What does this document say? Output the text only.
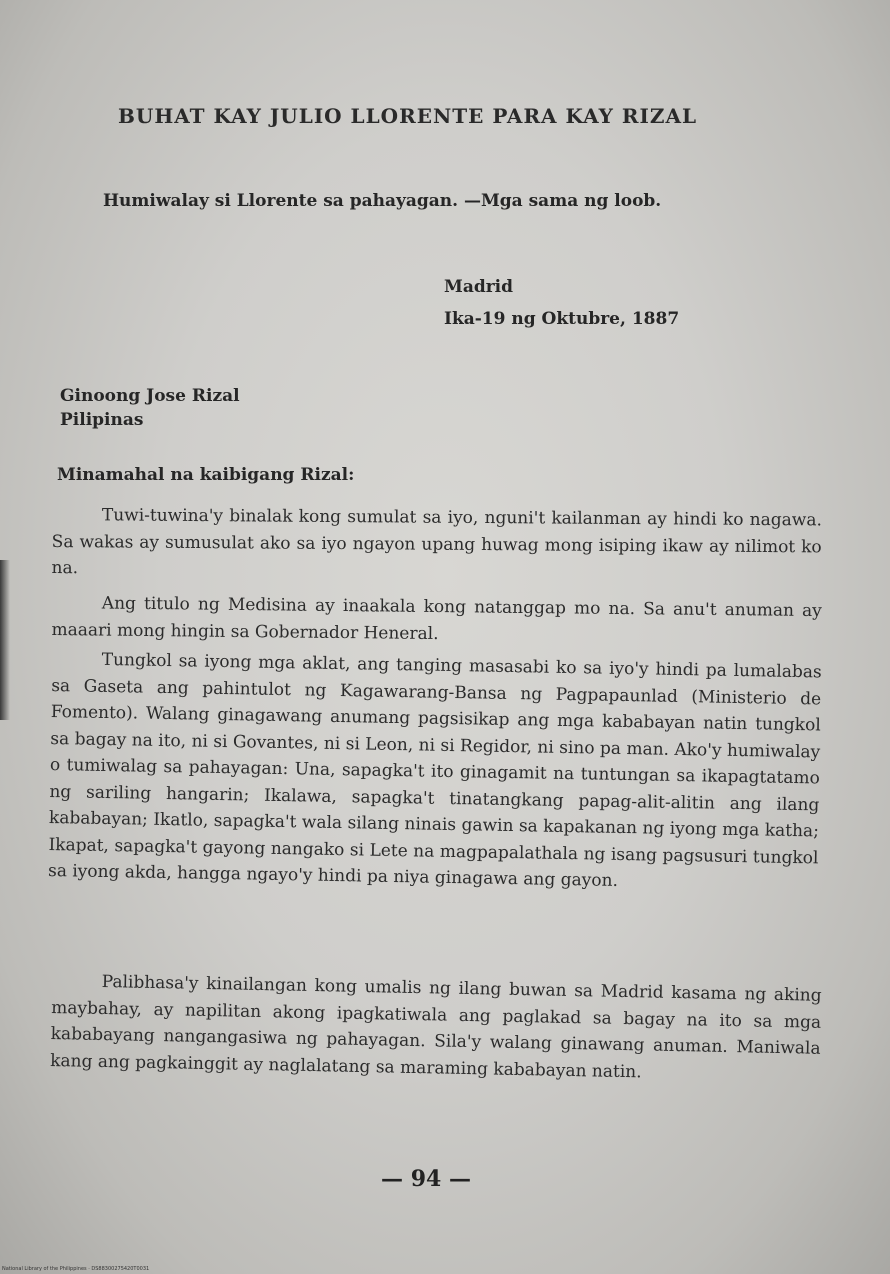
BUHAT KAY JULIO LLORENTE PARA KAY RIZAL
Humiwalay si Llorente sa pahayagan. —Mga sama ng loob.
Madrid
Ika-19 ng Oktubre, 1887
Ginoong Jose Rizal
Pilipinas
Minamahal na kaibigang Rizal:
Tuwi-tuwina'y binalak kong sumulat sa iyo, nguni't kailanman ay hindi ko nagawa. Sa wakas ay sumusulat ako sa iyo ngayon upang huwag mong isiping ikaw ay nilimot ko na.
Ang titulo ng Medisina ay inaakala kong natanggap mo na. Sa anu't anuman ay maaari mong hingin sa Gobernador Heneral.
Tungkol sa iyong mga aklat, ang tanging masasabi ko sa iyo'y hindi pa lumalabas sa Gaseta ang pahintulot ng Kagawarang-Bansa ng Pagpapaunlad (Ministerio de Fomento). Walang ginagawang anumang pagsisikap ang mga kababayan natin tungkol sa bagay na ito, ni si Govantes, ni si Leon, ni si Regidor, ni sino pa man. Ako'y humiwalay o tumiwalag sa pahayagan: Una, sapagka't ito ginagamit na tuntungan sa ikapagtatamo ng sariling hangarin; Ikalawa, sapagka't tinatangkang papag-alit-alitin ang ilang kababayan; Ikatlo, sapagka't wala silang ninais gawin sa kapakanan ng iyong mga katha; Ikapat, sapagka't gayong nangako si Lete na magpapalathala ng isang pagsusuri tungkol sa iyong akda, hangga ngayo'y hindi pa niya ginagawa ang gayon.
Palibhasa'y kinailangan kong umalis ng ilang buwan sa Madrid kasama ng aking maybahay, ay napilitan akong ipagkatiwala ang paglakad sa bagay na ito sa mga kababayang nangangasiwa ng pahayagan. Sila'y walang ginawang anuman. Maniwala kang ang pagkainggit ay naglalatang sa maraming kababayan natin.
— 94 —
National Library of the Philippines · DS88300275420T0031
